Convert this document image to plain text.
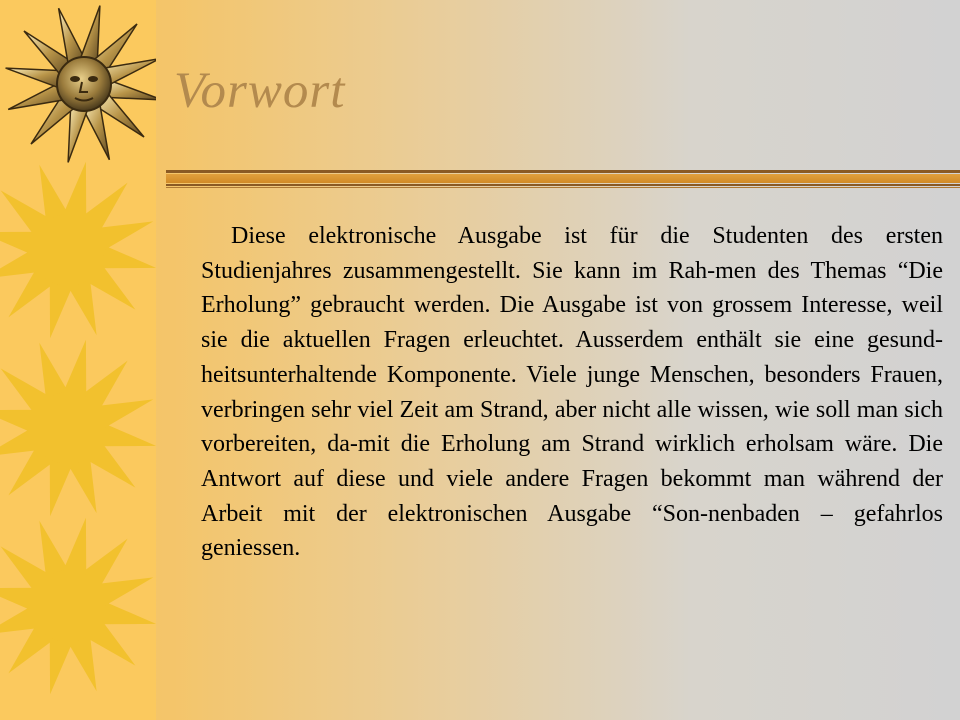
Vorwort

Diese elektronische Ausgabe ist für die Studenten des ersten Studienjahres zusammengestellt. Sie kann im Rah-men des Themas “Die Erholung” gebraucht werden. Die Ausgabe ist von grossem Interesse, weil sie die aktuellen Fragen erleuchtet. Ausserdem enthält sie eine gesund-heitsunterhaltende Komponente. Viele junge Menschen, besonders Frauen, verbringen sehr viel Zeit am Strand, aber nicht alle wissen, wie soll man sich vorbereiten, da-mit die Erholung am Strand wirklich erholsam wäre. Die Antwort auf diese und viele andere Fragen bekommt man während der Arbeit mit der elektronischen Ausgabe “Son-nenbaden – gefahrlos geniessen.
